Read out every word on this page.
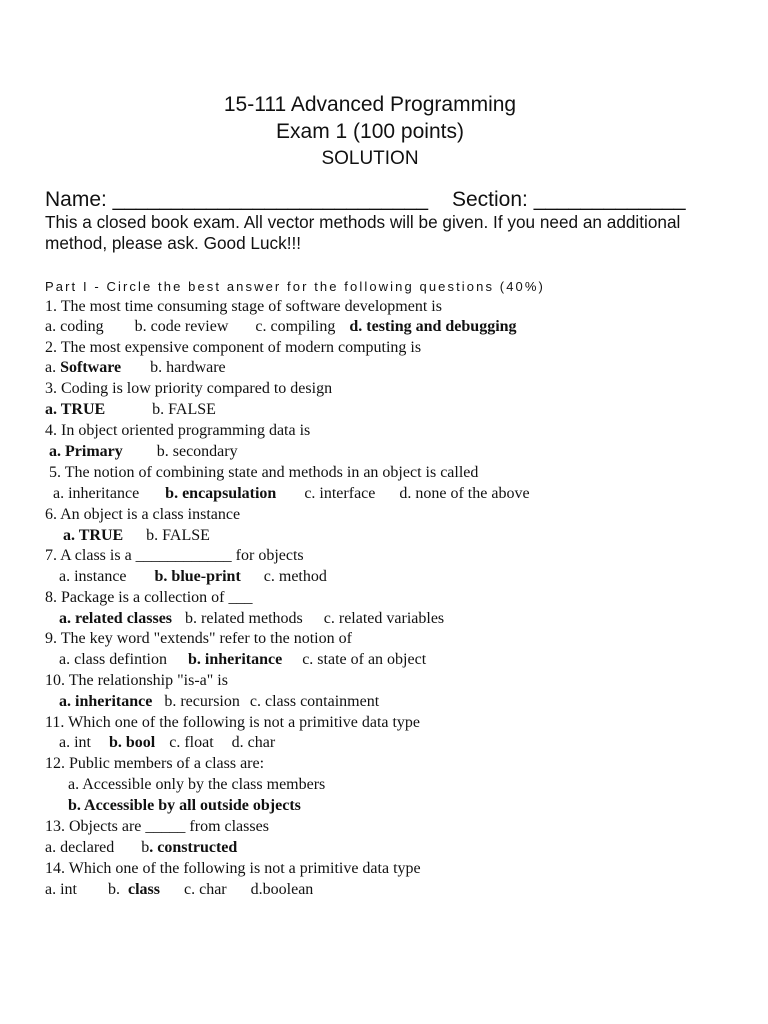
15-111 Advanced Programming
Exam 1 (100 points)
SOLUTION
Name: ___________________________ Section: _____________
This a closed book exam. All vector methods will be given. If you need an additional
method, please ask. Good Luck!!!
Part I - Circle the best answer for the following questions (40%)
1. The most time consuming stage of software development is
a. coding b. code review c. compiling d. testing and debugging
2. The most expensive component of modern computing is
a. Software b. hardware
3. Coding is low priority compared to design
a. TRUE	b. FALSE
4. In object oriented programming data is
a. Primary b. secondary
5. The notion of combining state and methods in an object is called
a. inheritance b. encapsulation c. interface d. none of the above
6. An object is a class instance
a. TRUE b. FALSE
7. A class is a ____________ for objects
a. instance b. blue-print c. method
8. Package is a collection of ___
a. related classes b. related methods c. related variables
9. The key word "extends" refer to the notion of
a. class defintion b. inheritance c. state of an object
10. The relationship "is-a" is
a. inheritance b. recursion c. class containment
11. Which one of the following is not a primitive data type
a. int b. bool c. float d. char
12. Public members of a class are:
a. Accessible only by the class members
b. Accessible by all outside objects
13. Objects are _____ from classes
a. declared b. constructed
14. Which one of the following is not a primitive data type
a. int b. class c. char d.boolean
